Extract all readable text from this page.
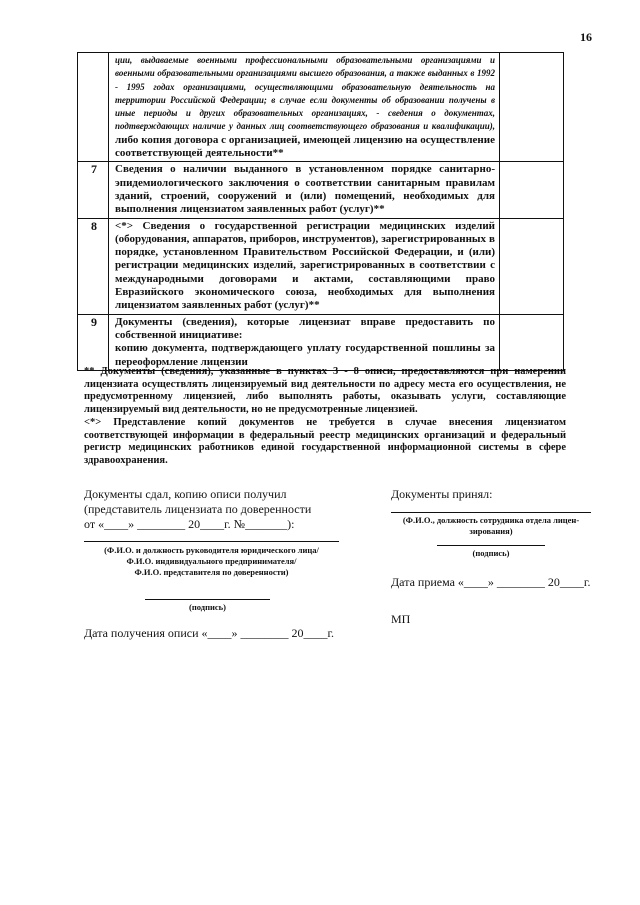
16
	ции, выдаваемые военными профессиональными образовательными организациями и военными образовательными организациями высшего образования, а также выданных в 1992 - 1995 годах организациями, осуществляющими образовательную деятельность на территории Российской Федерации; в случае если документы об образовании получены в иные периоды и других образовательных организациях, - сведения о документах, подтверждающих наличие у данных лиц соответствующего образования и квалификации), либо копия договора с организацией, имеющей лицензию на осуществление соответствующей деятельности**	
7	Сведения о наличии выданного в установленном порядке санитарно-эпидемиологического заключения о соответствии санитарным правилам зданий, строений, сооружений и (или) помещений, необходимых для выполнения лицензиатом заявленных работ (услуг)**	
8	<*> Сведения о государственной регистрации медицинских изделий (оборудования, аппаратов, приборов, инструментов), зарегистрированных в порядке, установленном Правительством Российской Федерации, и (или) регистрации медицинских изделий, зарегистрированных в соответствии с международными договорами и актами, составляющими право Евразийского экономического союза, необходимых для выполнения лицензиатом заявленных работ (услуг)**	
9	Документы (сведения), которые лицензиат вправе предоставить по собственной инициативе:
копию документа, подтверждающего уплату государственной пошлины за переоформление лицензии	

** Документы (сведения), указанные в пунктах 3 - 8 описи, предоставляются при намерении лицензиата осуществлять лицензируемый вид деятельности по адресу места его осуществления, не предусмотренному лицензией, либо выполнять работы, оказывать услуги, составляющие лицензируемый вид деятельности, но не предусмотренные лицензией.

<*> Представление копий документов не требуется в случае внесения лицензиатом соответствующей информации в федеральный реестр медицинских организаций и федеральный регистр медицинских работников единой государственной информационной системы в сфере здравоохранения.

Документы сдал, копию описи получил

(представитель лицензиата по доверенности

от «____» ________ 20____г. №_______):

(Ф.И.О. и должность руководителя юридического лица/
Ф.И.О. индивидуального предпринимателя/
Ф.И.О. представителя по доверенности)
(подпись)
Дата получения описи «____» ________ 20____г.
Документы принял:
(Ф.И.О., должность сотрудника отдела лицен-
зирования)
(подпись)
Дата приема «____» ________ 20____г.
МП
